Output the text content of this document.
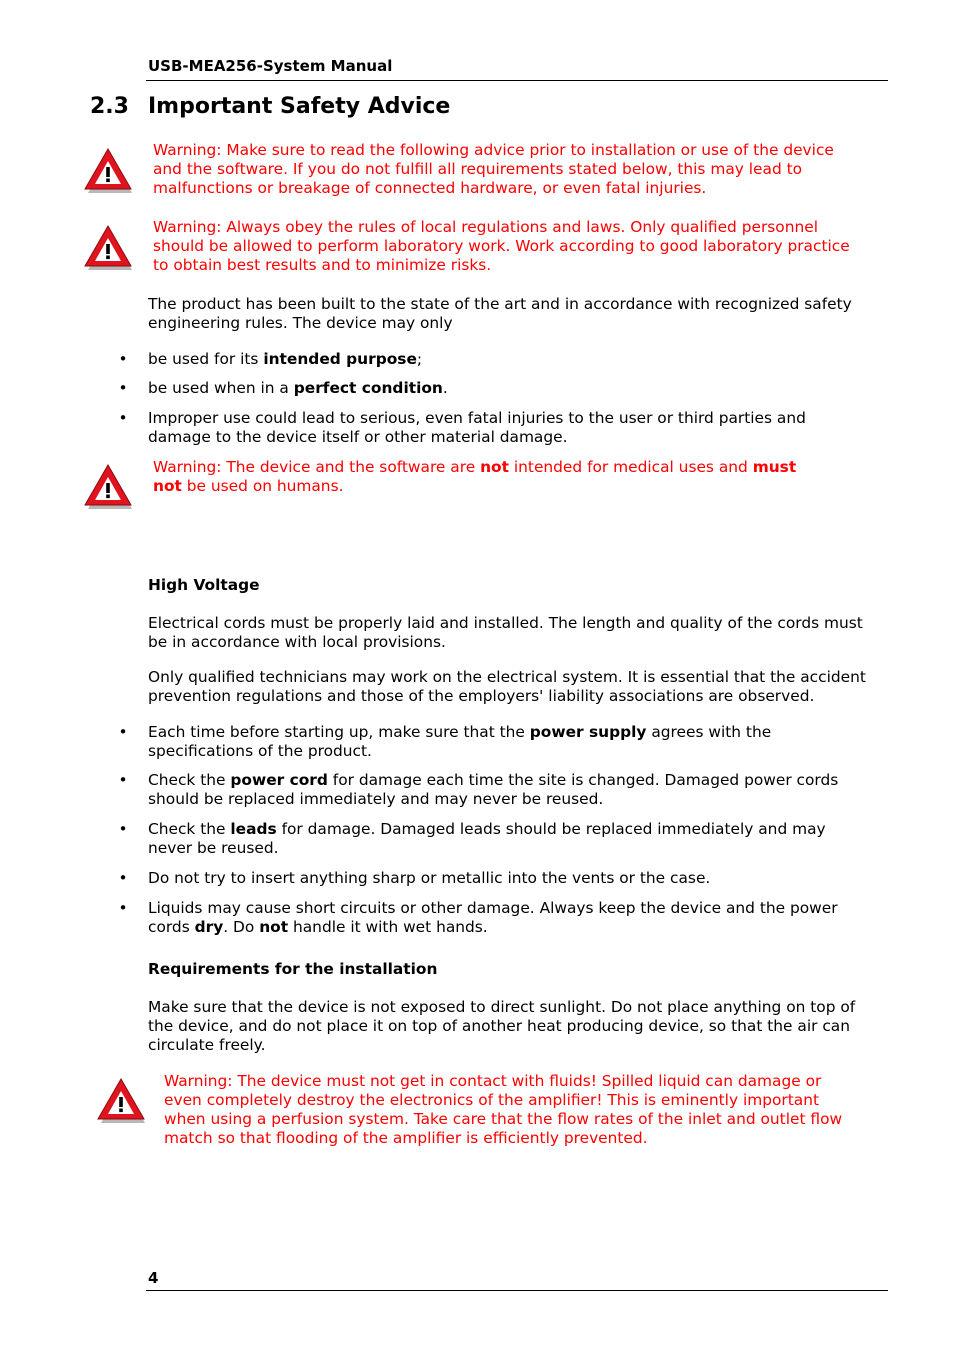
USB-MEA256-System Manual
2.3 Important Safety Advice

Warning: Make sure to read the following advice prior to installation or use of the device and the software. If you do not fulfill all requirements stated below, this may lead to malfunctions or breakage of connected hardware, or even fatal injuries.

Warning: Always obey the rules of local regulations and laws. Only qualified personnel should be allowed to perform laboratory work. Work according to good laboratory practice to obtain best results and to minimize risks.

The product has been built to the state of the art and in accordance with recognized safety engineering rules. The device may only

• be used for its intended purpose;

• be used when in a perfect condition.

• Improper use could lead to serious, even fatal injuries to the user or third parties and damage to the device itself or other material damage.

Warning: The device and the software are not intended for medical uses and must not be used on humans.

High Voltage

Electrical cords must be properly laid and installed. The length and quality of the cords must be in accordance with local provisions.

Only qualified technicians may work on the electrical system. It is essential that the accident prevention regulations and those of the employers' liability associations are observed.

• Each time before starting up, make sure that the power supply agrees with the specifications of the product.

• Check the power cord for damage each time the site is changed. Damaged power cords should be replaced immediately and may never be reused.

• Check the leads for damage. Damaged leads should be replaced immediately and may never be reused.

• Do not try to insert anything sharp or metallic into the vents or the case.

• Liquids may cause short circuits or other damage. Always keep the device and the power cords dry. Do not handle it with wet hands.

Requirements for the installation

Make sure that the device is not exposed to direct sunlight. Do not place anything on top of the device, and do not place it on top of another heat producing device, so that the air can circulate freely.

Warning: The device must not get in contact with fluids! Spilled liquid can damage or even completely destroy the electronics of the amplifier! This is eminently important when using a perfusion system. Take care that the flow rates of the inlet and outlet flow match so that flooding of the amplifier is efficiently prevented.

4
